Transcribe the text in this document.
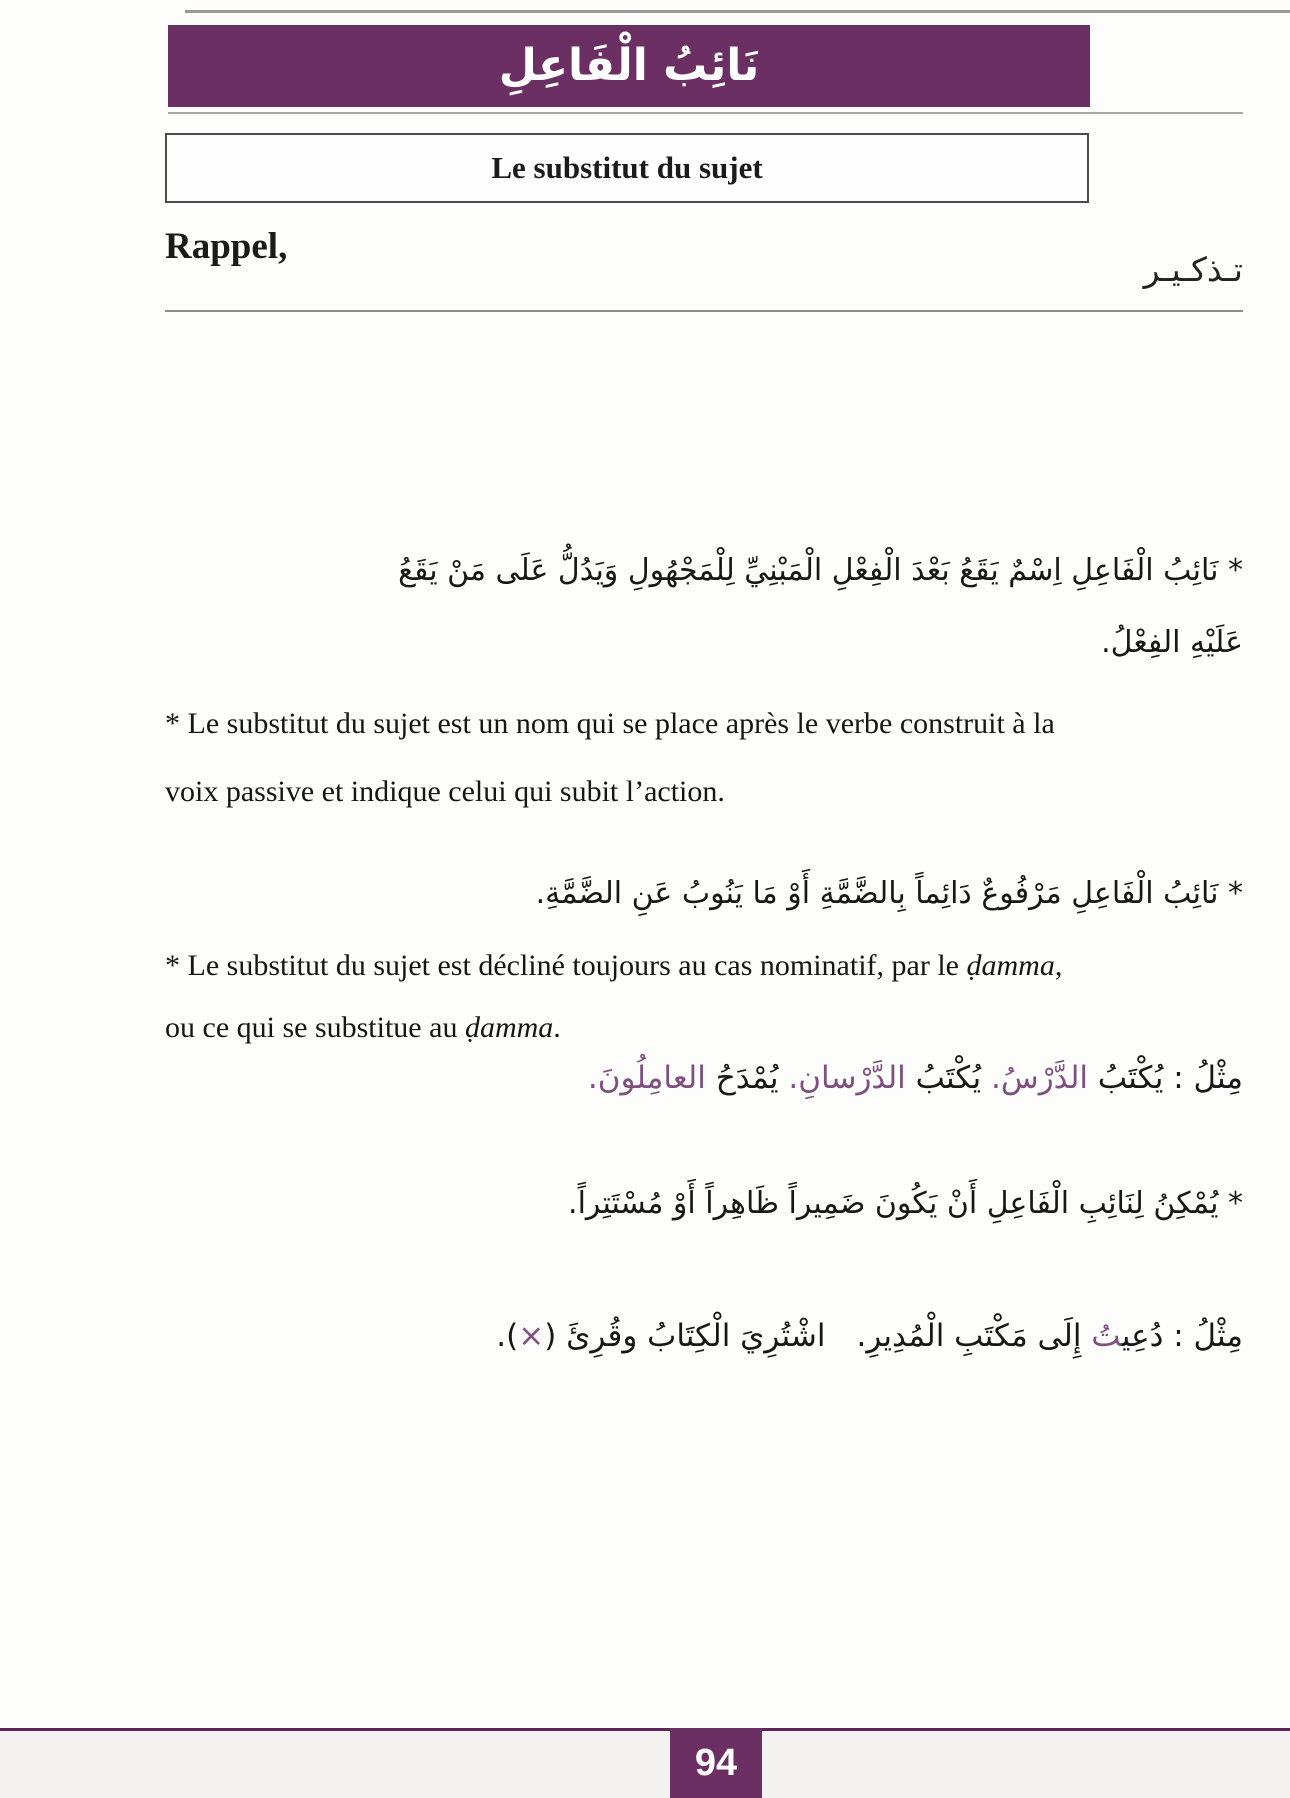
نَائِبُ الْفَاعِلِ
Le substitut du sujet
Rappel,
تـذكـيـر
* نَائِبُ الْفَاعِلِ اِسْمٌ يَقَعُ بَعْدَ الْفِعْلِ الْمَبْنِيِّ لِلْمَجْهُولِ وَيَدُلُّ عَلَى مَنْ يَقَعُ
عَلَيْهِ الفِعْلُ.
* Le substitut du sujet est un nom qui se place après le verbe construit à la
voix passive et indique celui qui subit l’action.
* نَائِبُ الْفَاعِلِ مَرْفُوعٌ دَائِماً بِالضَّمَّةِ أَوْ مَا يَنُوبُ عَنِ الضَّمَّةِ.
* Le substitut du sujet est décliné toujours au cas nominatif, par le ḍamma,
ou ce qui se substitue au ḍamma.
مِثْلُ : يُكْتَبُ الدَّرْسُ. يُكْتَبُ الدَّرْسانِ. يُمْدَحُ العامِلُونَ.
* يُمْكِنُ لِنَائِبِ الْفَاعِلِ أَنْ يَكُونَ ضَمِيراً ظَاهِراً أَوْ مُسْتَتِراً.
مِثْلُ : دُعِيتُ إِلَى مَكْتَبِ الْمُدِيرِ.  اشْتُرِيَ الْكِتَابُ وقُرِئَ (×).
94
